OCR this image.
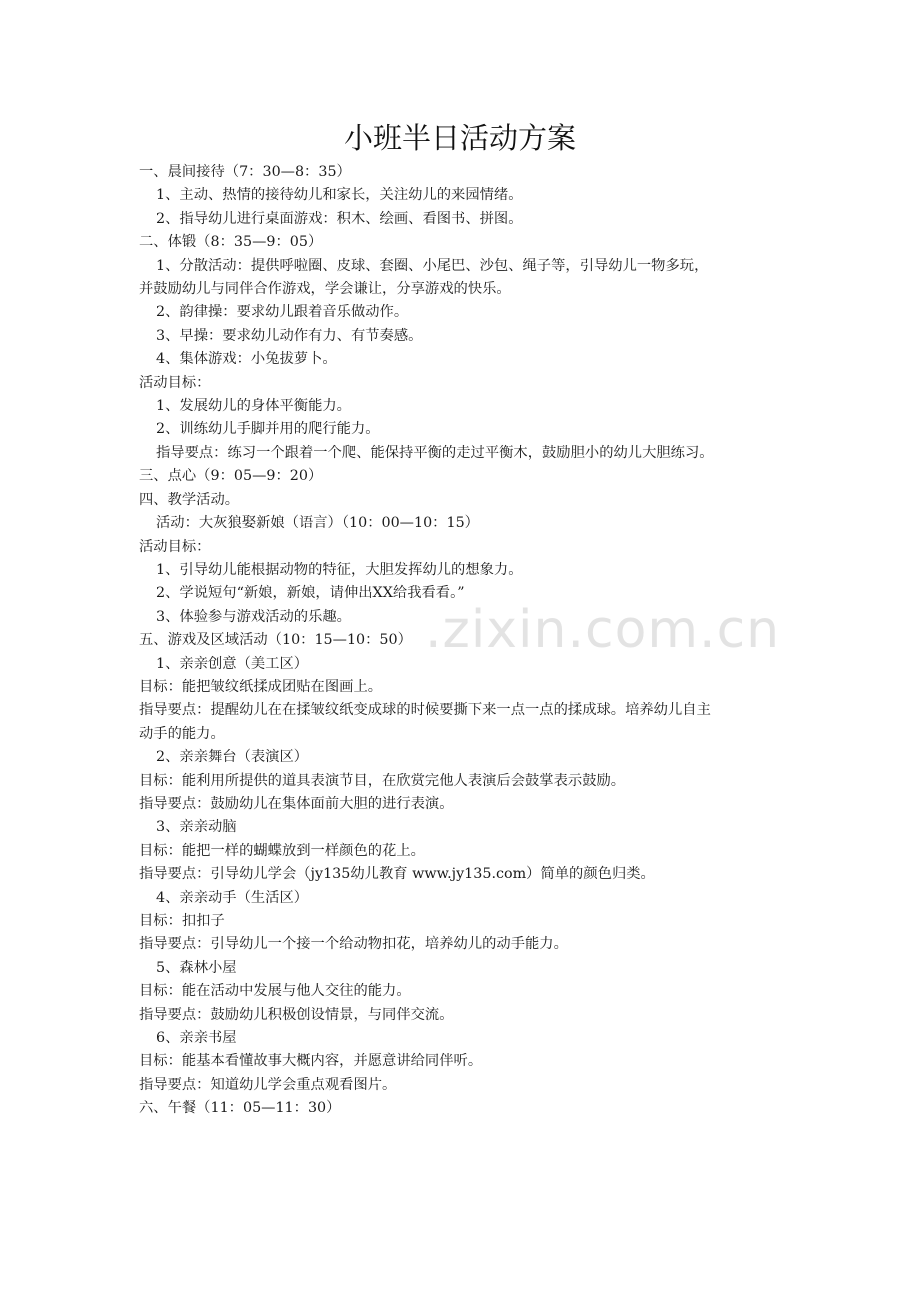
.zixin.com.cn
小班半日活动方案
一、晨间接待（7：30—8：35）
1、主动、热情的接待幼儿和家长，关注幼儿的来园情绪。
2、指导幼儿进行桌面游戏：积木、绘画、看图书、拼图。
二、体锻（8：35—9：05）
1、分散活动：提供呼啦圈、皮球、套圈、小尾巴、沙包、绳子等，引导幼儿一物多玩，
并鼓励幼儿与同伴合作游戏，学会谦让，分享游戏的快乐。
2、韵律操：要求幼儿跟着音乐做动作。
3、早操：要求幼儿动作有力、有节奏感。
4、集体游戏：小兔拔萝卜。
活动目标：
1、发展幼儿的身体平衡能力。
2、训练幼儿手脚并用的爬行能力。
指导要点：练习一个跟着一个爬、能保持平衡的走过平衡木，鼓励胆小的幼儿大胆练习。
三、点心（9：05—9：20）
四、教学活动。
活动：大灰狼娶新娘（语言）（10：00—10：15）
活动目标：
1、引导幼儿能根据动物的特征，大胆发挥幼儿的想象力。
2、学说短句“新娘，新娘，请伸出XX给我看看。”
3、体验参与游戏活动的乐趣。
五、游戏及区域活动（10：15—10：50）
1、亲亲创意（美工区）
目标：能把皱纹纸揉成团贴在图画上。
指导要点：提醒幼儿在在揉皱纹纸变成球的时候要撕下来一点一点的揉成球。培养幼儿自主
动手的能力。
2、亲亲舞台（表演区）
目标：能利用所提供的道具表演节目，在欣赏完他人表演后会鼓掌表示鼓励。
指导要点：鼓励幼儿在集体面前大胆的进行表演。
3、亲亲动脑
目标：能把一样的蝴蝶放到一样颜色的花上。
指导要点：引导幼儿学会（jy135幼儿教育 www.jy135.com）简单的颜色归类。
4、亲亲动手（生活区）
目标：扣扣子
指导要点：引导幼儿一个接一个给动物扣花，培养幼儿的动手能力。
5、森林小屋
目标：能在活动中发展与他人交往的能力。
指导要点：鼓励幼儿积极创设情景，与同伴交流。
6、亲亲书屋
目标：能基本看懂故事大概内容，并愿意讲给同伴听。
指导要点：知道幼儿学会重点观看图片。
六、午餐（11：05—11：30）
